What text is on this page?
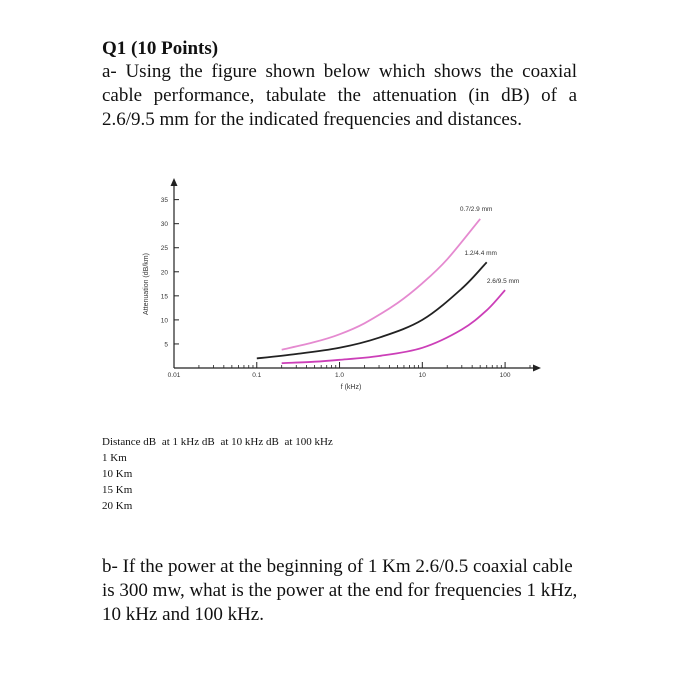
Q1 (10 Points)

a- Using the figure shown below which shows the coaxial cable performance, tabulate the attenuation (in dB) of a 2.6/9.5 mm for the indicated frequencies and distances.

Attenuation (dB/km)
f (kHz)
5
10
15
20
25
30
35
0.01	0.1	1.0	10	100
0.7/2.9 mm
1.2/4.4 mm
2.6/9.5 mm
Distance dB at 1 kHz dB at 10 kHz dB at 100 kHz
1 Km
10 Km
15 Km
20 Km

b- If the power at the beginning of 1 Km 2.6/0.5 coaxial cable is 300 mw, what is the power at the end for frequencies 1 kHz, 10 kHz and 100 kHz.
